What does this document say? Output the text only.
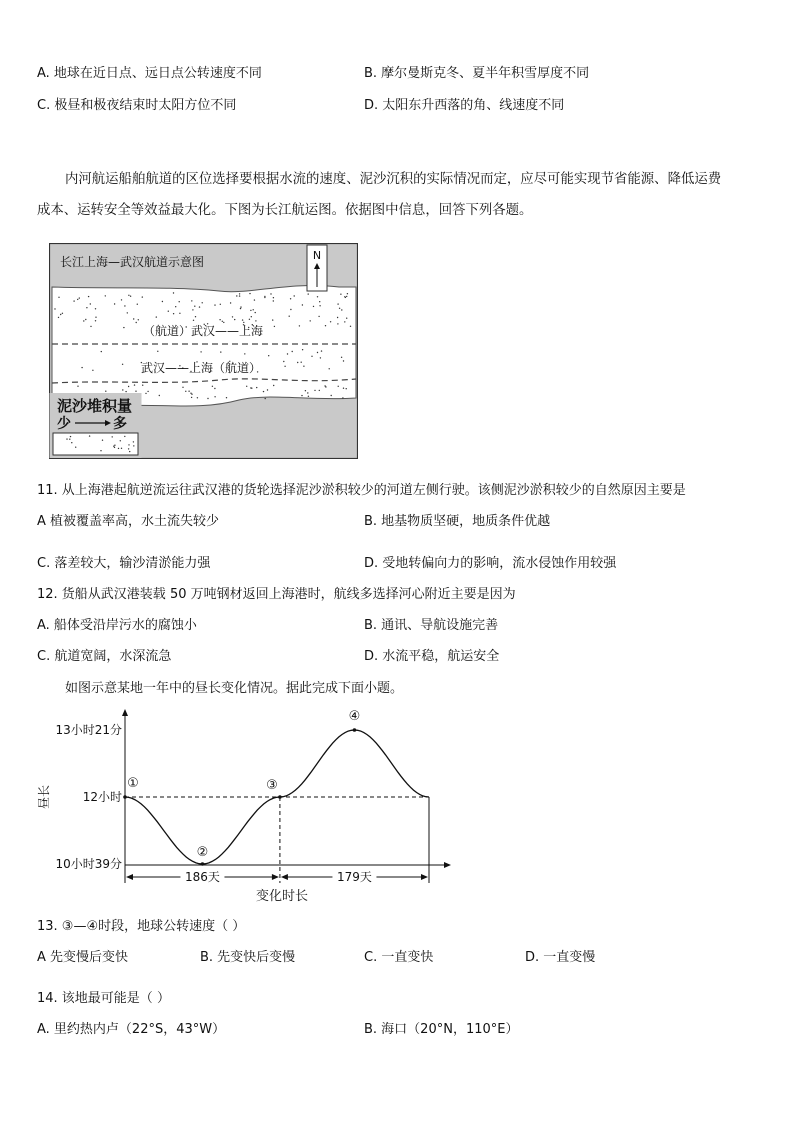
A. 地球在近日点、远日点公转速度不同	B. 摩尔曼斯克冬、夏半年积雪厚度不同
C. 极昼和极夜结束时太阳方位不同	D. 太阳东升西落的角、线速度不同
内河航运船舶航道的区位选择要根据水流的速度、泥沙沉积的实际情况而定，应尽可能实现节省能源、降低运费
成本、运转安全等效益最大化。下图为长江航运图。依据图中信息，回答下列各题。
长江上海—武汉航道示意图	N
（航道）武汉——上海
武汉——上海（航道）
泥沙堆积量
少	多
11. 从上海港起航逆流运往武汉港的货轮选择泥沙淤积较少的河道左侧行驶。该侧泥沙淤积较少的自然原因主要是
A 植被覆盖率高，水土流失较少	B. 地基物质坚硬，地质条件优越
C. 落差较大，输沙清淤能力强	D. 受地转偏向力的影响，流水侵蚀作用较强
12. 货船从武汉港装载 50 万吨钢材返回上海港时，航线多选择河心附近主要是因为
A. 船体受沿岸污水的腐蚀小	B. 通讯、导航设施完善
C. 航道宽阔，水深流急	D. 水流平稳，航运安全
如图示意某地一年中的昼长变化情况。据此完成下面小题。
13小时21分
12小时
10小时39分
①
②
③
④
186天	179天
昼长
变化时长
13. ③—④时段，地球公转速度（ ）
A 先变慢后变快	B. 先变快后变慢	C. 一直变快	D. 一直变慢
14. 该地最可能是（ ）
A. 里约热内卢（22°S，43°W）	B. 海口（20°N，110°E）
